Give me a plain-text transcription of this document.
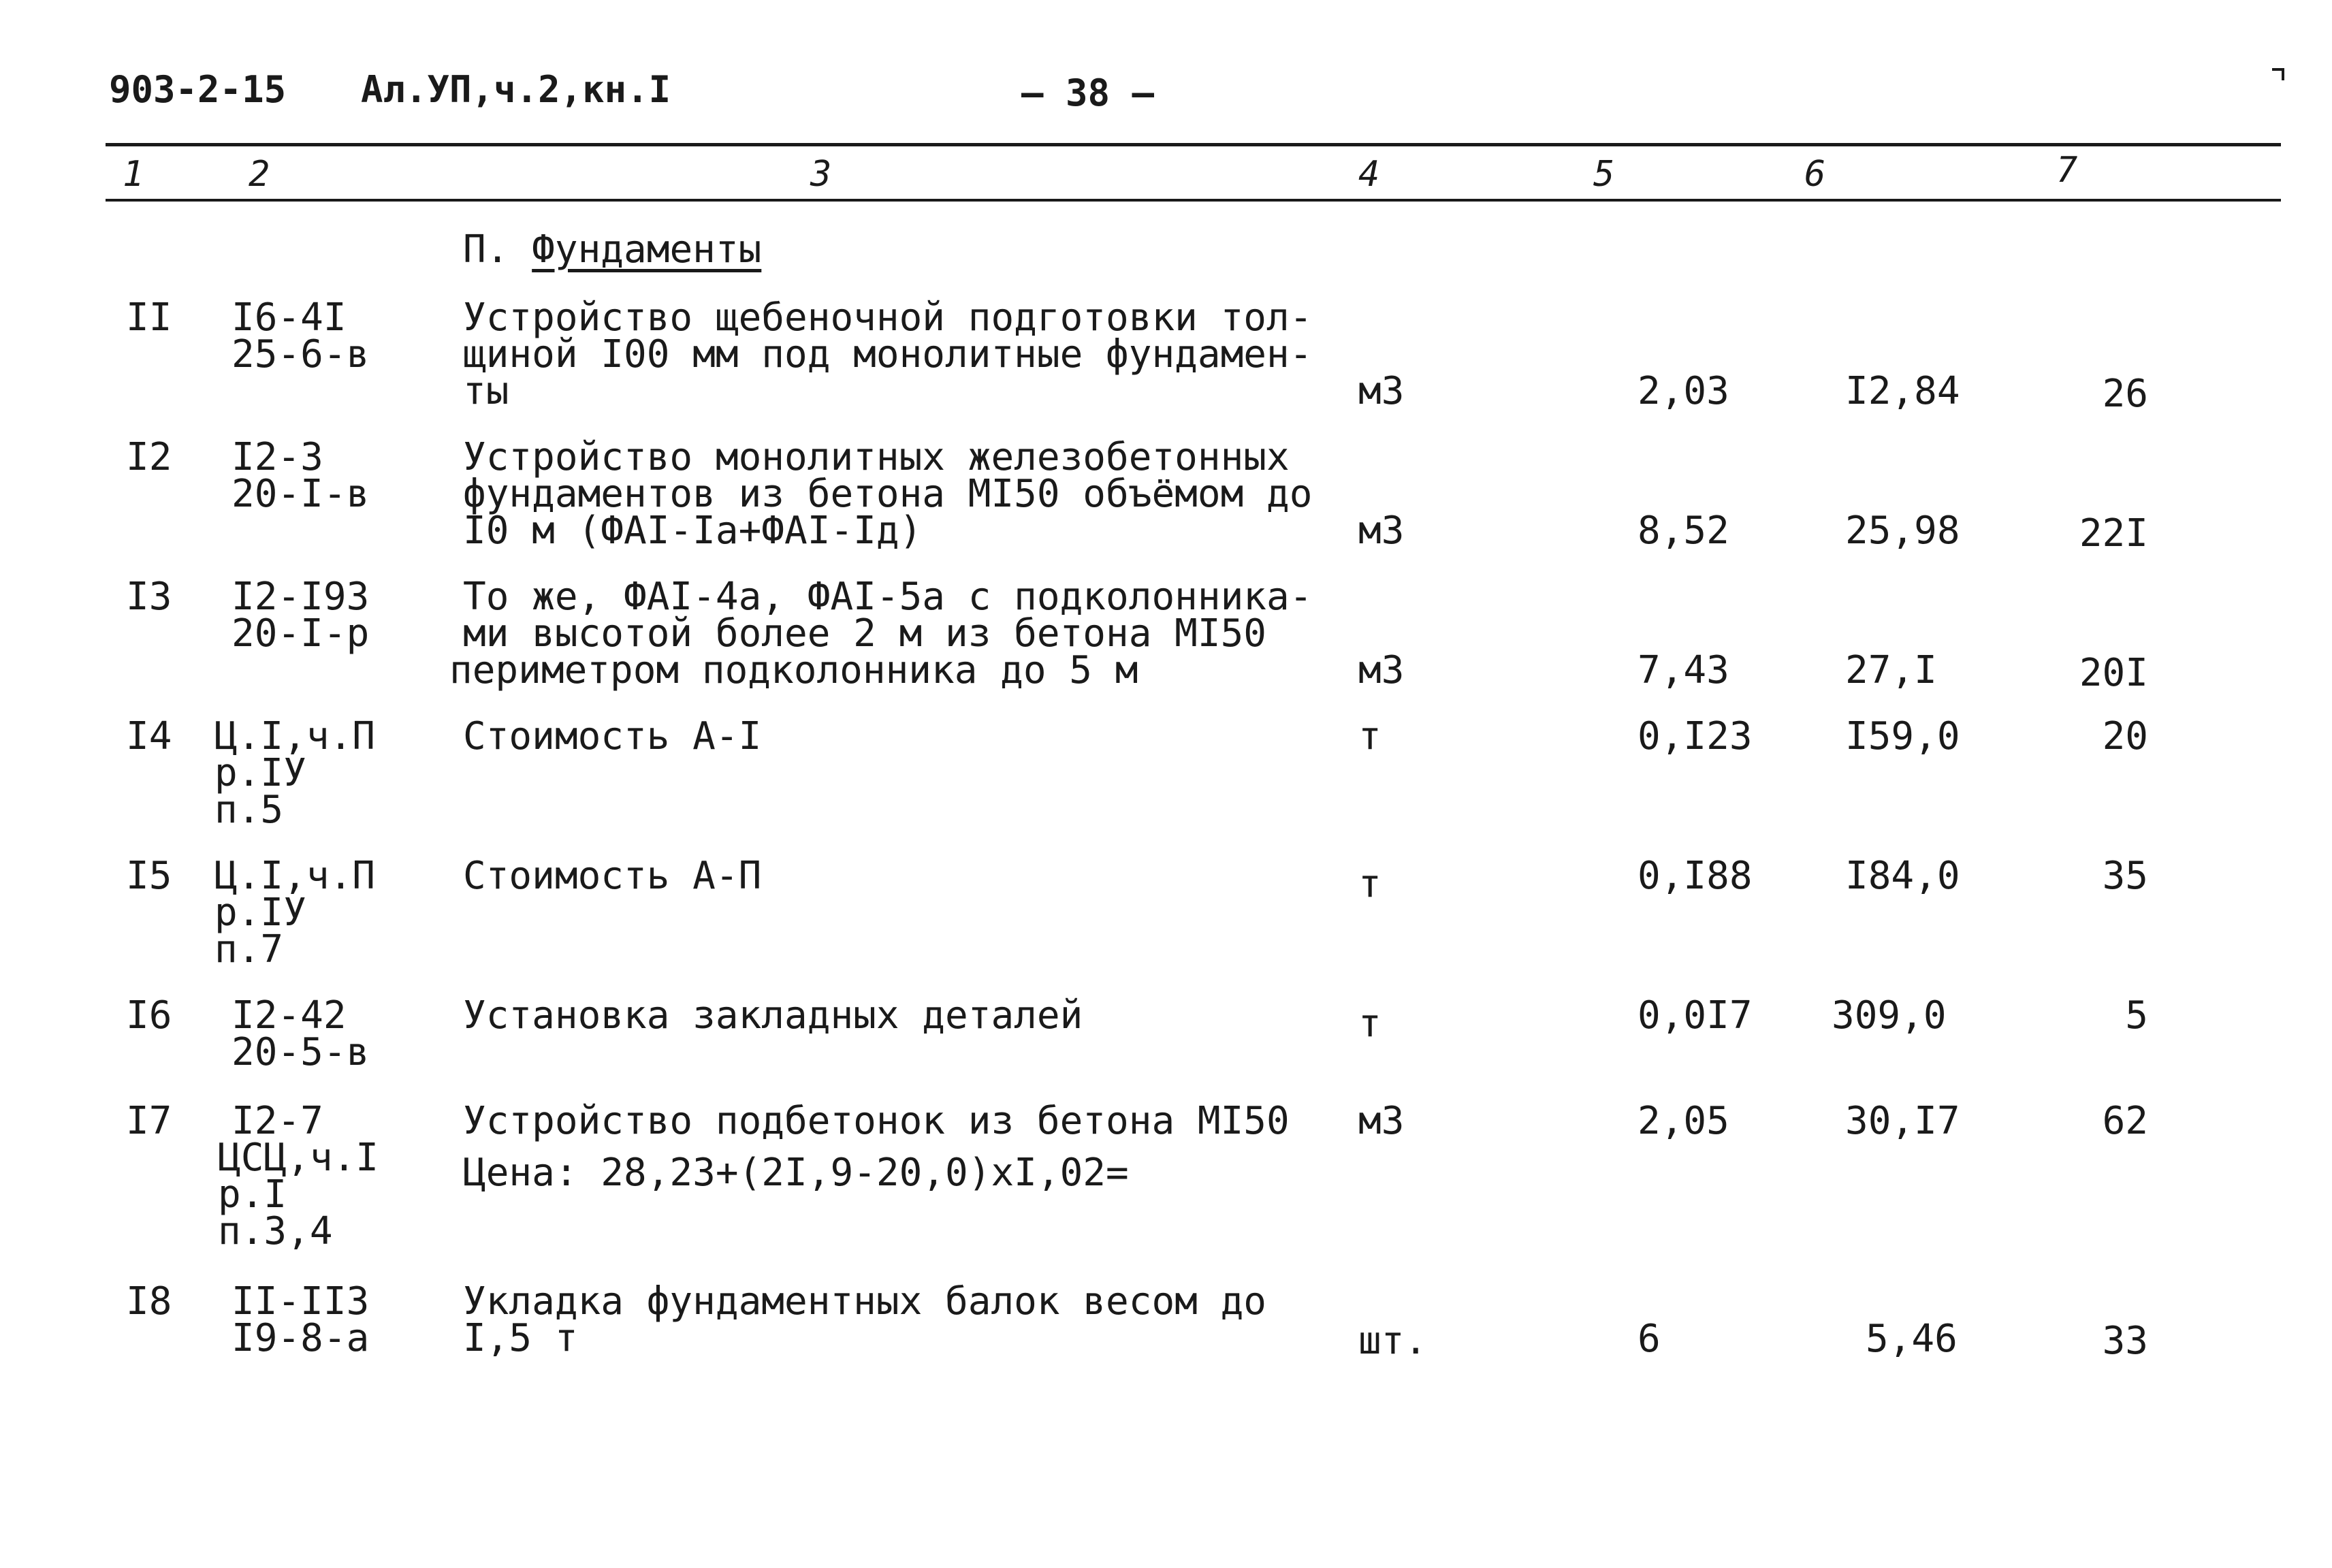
903-2-15 Ал.УП,ч.2,кн.I	— 38 —
1	2	3	4	5	6	7
П. Фундаменты
II I6-4I
25-6-в
Устройство щебеночной подготовки тол-
щиной I00 мм под монолитные фундамен-
ты	м3	2,03	I2,84	26
I2 I2-3
20-I-в
Устройство монолитных железобетонных
фундаментов из бетона МI50 объёмом до
I0 м (ФАI-Iа+ФАI-Iд)	м3	8,52	25,98	22I
I3 I2-I93
20-I-р
То же, ФАI-4а, ФАI-5а с подколонника-
ми высотой более 2 м из бетона МI50
периметром подколонника до 5 м	м3	7,43	27,I	20I
I4 Ц.I,ч.П
р.IУ
п.5
Стоимость А-I	т	0,I23 I59,0	20
I5 Ц.I,ч.П
р.IУ
п.7
Стоимость А-П	т	0,I88 I84,0	35
I6 I2-42
20-5-в
Установка закладных деталей	т	0,0I7 309,0	5
I7 I2-7
ЦСЦ,ч.I
р.I
п.3,4
Устройство подбетонок из бетона МI50
Цена: 28,23+(2I,9-20,0)хI,02=
м3	2,05	30,I7	62
I8 II-II3
I9-8-а
Укладка фундаментных балок весом до
I,5 т	шт.	6	5,46	33
